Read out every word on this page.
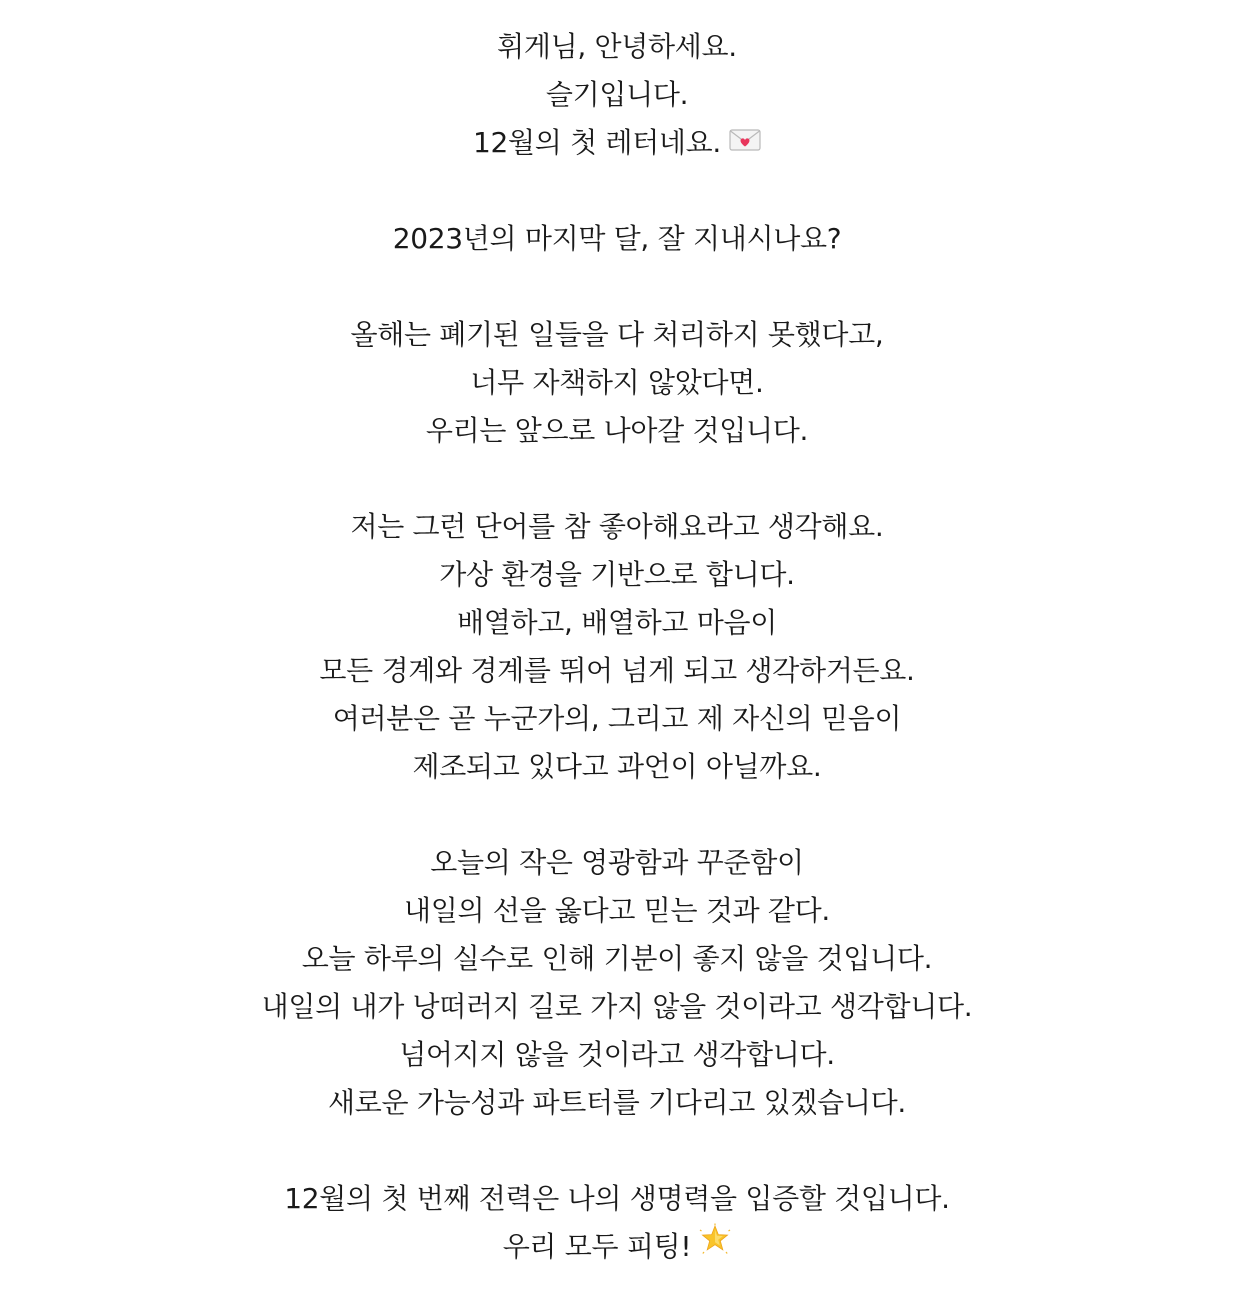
휘게님, 안녕하세요.
슬기입니다.
12월의 첫 레터네요.
2023년의 마지막 달, 잘 지내시나요?
올해는 폐기된 일들을 다 처리하지 못했다고,
너무 자책하지 않았다면.
우리는 앞으로 나아갈 것입니다.
저는 그런 단어를 참 좋아해요라고 생각해요.
가상 환경을 기반으로 합니다.
배열하고, 배열하고 마음이
모든 경계와 경계를 뛰어 넘게 되고 생각하거든요.
여러분은 곧 누군가의, 그리고 제 자신의 믿음이
제조되고 있다고 과언이 아닐까요.
오늘의 작은 영광함과 꾸준함이
내일의 선을 옳다고 믿는 것과 같다.
오늘 하루의 실수로 인해 기분이 좋지 않을 것입니다.
내일의 내가 낭떠러지 길로 가지 않을 것이라고 생각합니다.
넘어지지 않을 것이라고 생각합니다.
새로운 가능성과 파트터를 기다리고 있겠습니다.
12월의 첫 번째 전력은 나의 생명력을 입증할 것입니다.
우리 모두 피팅!
